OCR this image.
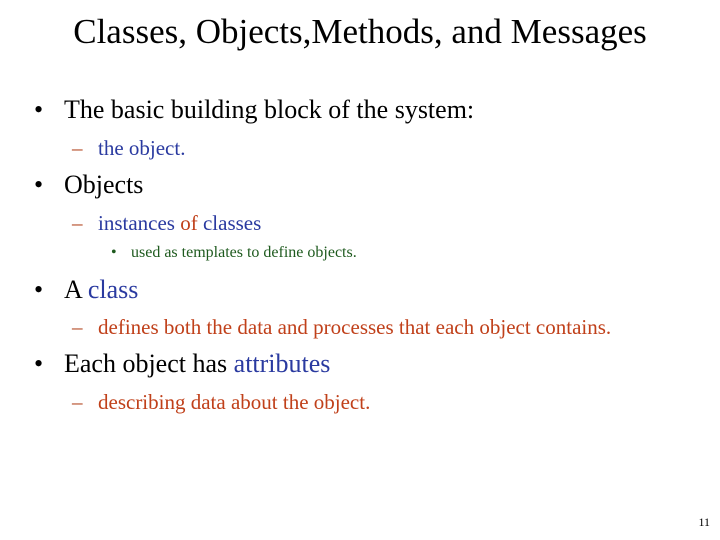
Classes, Objects,Methods, and Messages
• The basic building block of the system:
– the object.
• Objects
– instances of classes
• used as templates to define objects.
• A class
– defines both the data and processes that each object contains.
• Each object has attributes
– describing data about the object.
11
